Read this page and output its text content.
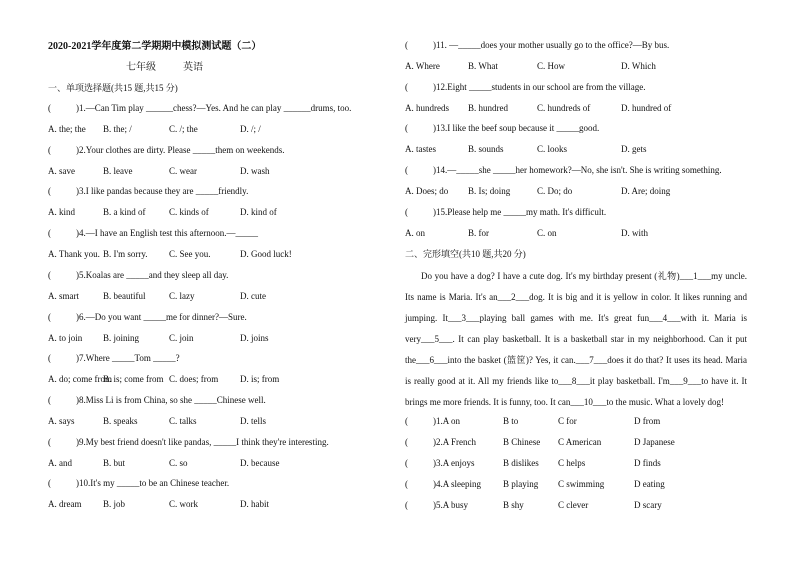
2020-2021学年度第二学期期中模拟测试题（二）
七年级	英语
一、单项选择题(共15 题,共15 分)
(	)1.—Can Tim play ______chess?—Yes. And he can play ______drums, too.
A. the; the B. the; /	C. /; the	D. /; /
(	)2.Your clothes are dirty. Please _____them on weekends.
A. save	B. leave	C. wear	D. wash
(	)3.I like pandas because they are _____friendly.
A. kind	B. a kind of	C. kinds of	D. kind of
(	)4.—I have an English test this afternoon.—_____
A. Thank you. B. I'm sorry. C. See you.	D. Good luck!
(	)5.Koalas are _____and they sleep all day.
A. smart	B. beautiful	C. lazy	D. cute
(	)6.—Do you want _____me for dinner?—Sure.
A. to join B. joining	C. join	D. joins
(	)7.Where _____Tom _____?
A. do; come from
B. is; come from C. does; from D. is; from
(	)8.Miss Li is from China, so she _____Chinese well.
A. says	B. speaks	C. talks	D. tells
(	)9.My best friend doesn't like pandas, _____I think they're interesting.
A. and	B. but	C. so	D. because
(	)10.It's my _____to be an Chinese teacher.
A. dream B. job	C. work	D. habit
(	)11. —_____does your mother usually go to the office?—By bus.
A. Where	B. What	C. How	D. Which
(	)12.Eight _____students in our school are from the village.
A. hundreds B. hundred	C. hundreds of	D. hundred of
(	)13.I like the beef soup because it _____good.
A. tastes	B. sounds	C. looks	D. gets
(	)14.—_____she _____her homework?—No, she isn't. She is writing something.
A. Does; do B. Is; doing	C. Do; do	D. Are; doing
(	)15.Please help me _____my math. It's difficult.
A. on	B. for	C. on	D. with
二、完形填空(共10 题,共20 分)
Do you have a dog? I have a cute dog. It's my birthday present (礼物)___1___my uncle. Its name is Maria. It's an___2___dog. It is big and it is yellow in color. It likes running and jumping. It___3___playing ball games with me. It's great fun___4___with it. Maria is very___5___. It can play basketball. It is a basketball star in my neighborhood. Can it put the___6___into the basket (篮筐)? Yes, it can.___7___does it do that? It uses its head. Maria is really good at it. All my friends like to___8___it play basketball. I'm___9___to have it. It brings me more friends. It is funny, too. It can___10___to the music. What a lovely dog!
(	)1.A on	B to	C for	D from
(	)2.A French	B Chinese C American	D Japanese
(	)3.A enjoys	B dislikes C helps	D finds
(	)4.A sleeping B playing C swimming	D eating
(	)5.A busy	B shy	C clever	D scary
